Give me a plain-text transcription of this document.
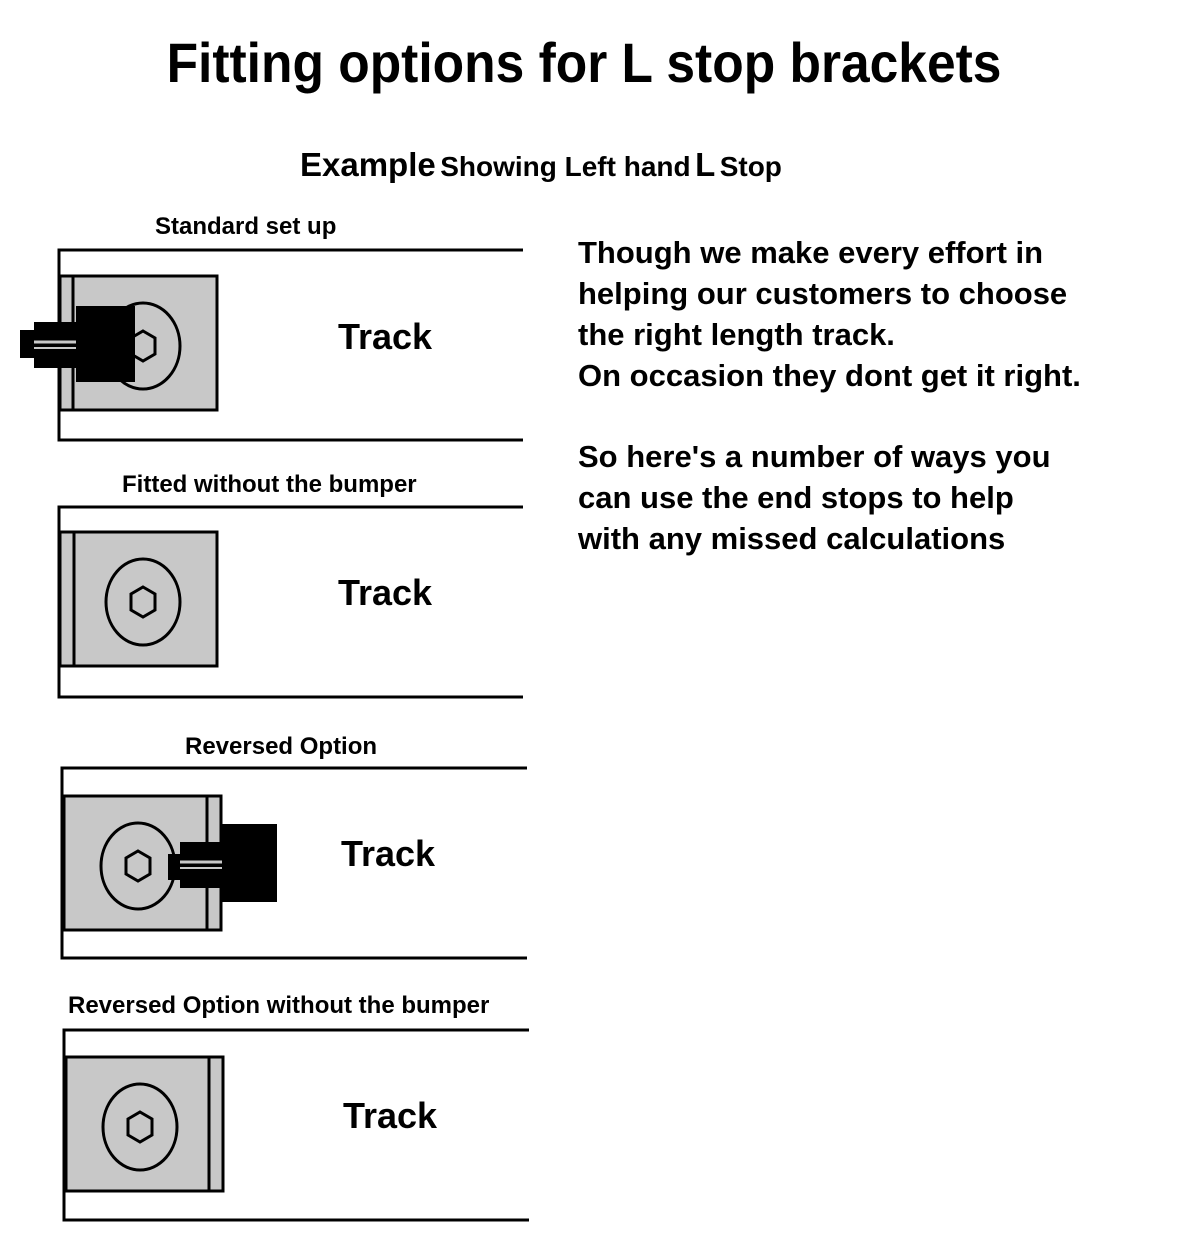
Fitting options for L stop brackets
Example Showing Left hand L Stop
Standard set up
Fitted without the bumper
Reversed Option
Reversed Option without the bumper

Though we make every effort in

helping our customers to choose

the right length track.

On occasion they dont get it right.

So here's a number of ways you

can use the end stops to help

with any missed calculations

Track
Track
Track
Track
